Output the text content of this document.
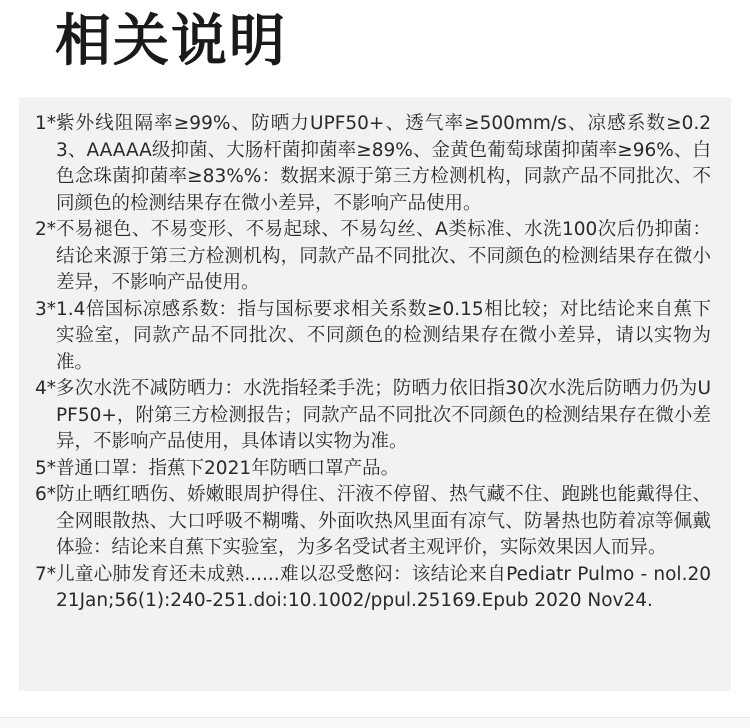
相关说明
1* 紫外线阻隔率≥99%、防晒力UPF50+、透气率≥500mm/s、凉感系数≥0.23、AAAAA级抑菌、大肠杆菌抑菌率≥89%、金黄色葡萄球菌抑菌率≥96%、白色念珠菌抑菌率≥83%%：数据来源于第三方检测机构，同款产品不同批次、不同颜色的检测结果存在微小差异，不影响产品使用。
2* 不易褪色、不易变形、不易起球、不易勾丝、A类标准、水洗100次后仍抑菌：结论来源于第三方检测机构，同款产品不同批次、不同颜色的检测结果存在微小差异，不影响产品使用。
3* 1.4倍国标凉感系数：指与国标要求相关系数≥0.15相比较；对比结论来自蕉下实验室，同款产品不同批次、不同颜色的检测结果存在微小差异，请以实物为准。
4* 多次水洗不减防晒力：水洗指轻柔手洗；防晒力依旧指30次水洗后防晒力仍为UPF50+，附第三方检测报告；同款产品不同批次不同颜色的检测结果存在微小差异，不影响产品使用，具体请以实物为准。
5* 普通口罩：指蕉下2021年防晒口罩产品。
6* 防止晒红晒伤、娇嫩眼周护得住、汗液不停留、热气藏不住、跑跳也能戴得住、全网眼散热、大口呼吸不糊嘴、外面吹热风里面有凉气、防暑热也防着凉等佩戴体验：结论来自蕉下实验室，为多名受试者主观评价，实际效果因人而异。
7* 儿童心肺发育还未成熟......难以忍受憋闷：该结论来自Pediatr Pulmo - nol.2021Jan;56(1):240-251.doi:10.1002/ppul.25169.Epub 2020 Nov24.
